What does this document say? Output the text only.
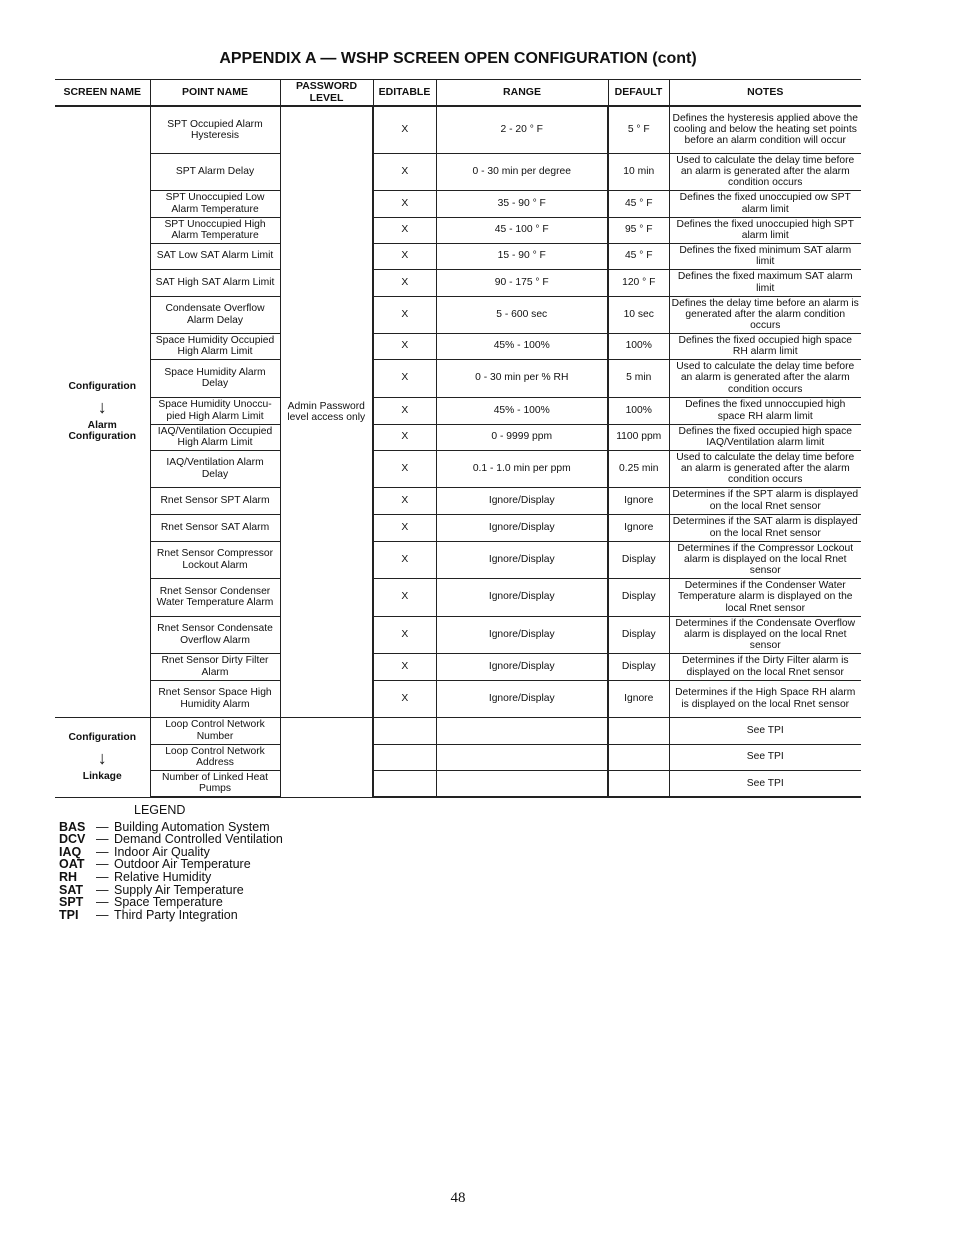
APPENDIX A — WSHP SCREEN OPEN CONFIGURATION (cont)
SCREEN NAME	POINT NAME	PASSWORD LEVEL	EDITABLE	RANGE	DEFAULT	NOTES
Configuration
↓
Alarm Configuration	SPT Occupied Alarm Hysteresis	Admin Password level access only	X	2 - 20 ° F	5 ° F	Defines the hysteresis applied above the cooling and below the heating set points before an alarm condition will occur
	SPT Alarm Delay		X	0 - 30 min per degree	10 min	Used to calculate the delay time before an alarm is generated after the alarm condition occurs
	SPT Unoccupied Low Alarm Temperature		X	35 - 90 ° F	45 ° F	Defines the fixed unoccupied ow SPT alarm limit
	SPT Unoccupied High Alarm Temperature		X	45 - 100 ° F	95 ° F	Defines the fixed unoccupied high SPT alarm limit
	SAT Low SAT Alarm Limit		X	15 - 90 ° F	45 ° F	Defines the fixed minimum SAT alarm limit
	SAT High SAT Alarm Limit		X	90 - 175 ° F	120 ° F	Defines the fixed maximum SAT alarm limit
	Condensate Overflow Alarm Delay		X	5 - 600 sec	10 sec	Defines the delay time before an alarm is generated after the alarm condition occurs
	Space Humidity Occupied High Alarm Limit		X	45% - 100%	100%	Defines the fixed occupied high space RH alarm limit
	Space Humidity Alarm Delay		X	0 - 30 min per % RH	5 min	Used to calculate the delay time before an alarm is generated after the alarm condition occurs
	Space Humidity Unoccu- pied High Alarm Limit		X	45% - 100%	100%	Defines the fixed unnoccupied high space RH alarm limit
	IAQ/Ventilation Occupied High Alarm Limit		X	0 - 9999 ppm	1100 ppm	Defines the fixed occupied high space IAQ/Ventilation alarm limit
	IAQ/Ventilation Alarm Delay		X	0.1 - 1.0 min per ppm	0.25 min	Used to calculate the delay time before an alarm is generated after the alarm condition occurs
	Rnet Sensor SPT Alarm		X	Ignore/Display	Ignore	Determines if the SPT alarm is displayed on the local Rnet sensor
	Rnet Sensor SAT Alarm		X	Ignore/Display	Ignore	Determines if the SAT alarm is displayed on the local Rnet sensor
	Rnet Sensor Compressor Lockout Alarm		X	Ignore/Display	Display	Determines if the Compressor Lockout alarm is displayed on the local Rnet sensor
	Rnet Sensor Condenser Water Temperature Alarm		X	Ignore/Display	Display	Determines if the Condenser Water Temperature alarm is displayed on the local Rnet sensor
	Rnet Sensor Condensate Overflow Alarm		X	Ignore/Display	Display	Determines if the Condensate Overflow alarm is displayed on the local Rnet sensor
	Rnet Sensor Dirty Filter Alarm		X	Ignore/Display	Display	Determines if the Dirty Filter alarm is displayed on the local Rnet sensor
	Rnet Sensor Space High Humidity Alarm		X	Ignore/Display	Ignore	Determines if the High Space RH alarm is displayed on the local Rnet sensor
Configuration
↓
Linkage	Loop Control Network Number					See TPI
	Loop Control Network Address					See TPI
	Number of Linked Heat Pumps					See TPI
LEGEND
BAS — Building Automation System
DCV — Demand Controlled Ventilation
IAQ	— Indoor Air Quality
OAT — Outdoor Air Temperature
RH	— Relative Humidity
SAT	— Supply Air Temperature
SPT	— Space Temperature
TPI	— Third Party Integration
48
